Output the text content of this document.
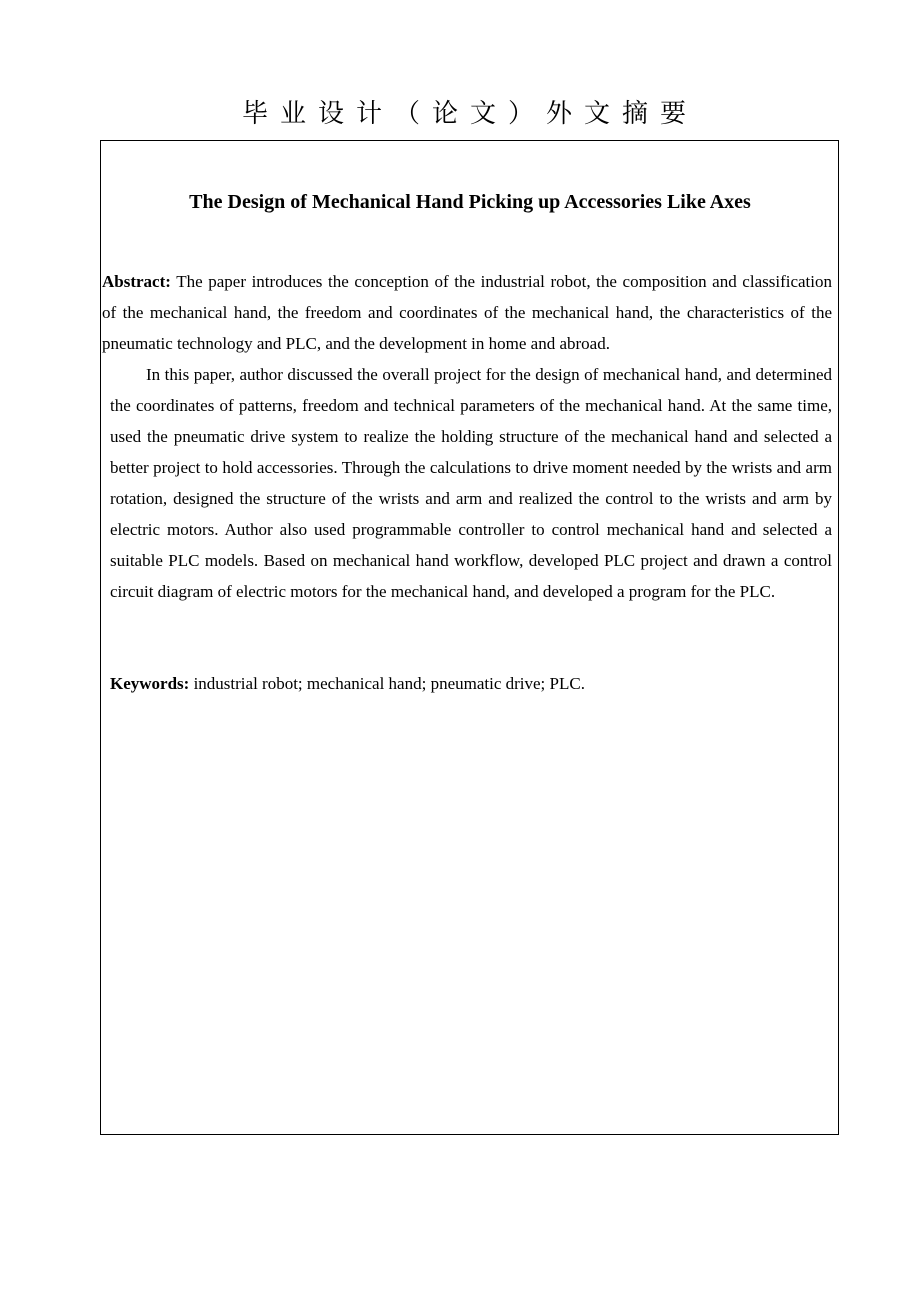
毕业设计（论文）外文摘要
The Design of Mechanical Hand Picking up Accessories Like Axes

Abstract: The paper introduces the conception of the industrial robot, the composition and classification of the mechanical hand, the freedom and coordinates of the mechanical hand, the characteristics of the pneumatic technology and PLC, and the development in home and abroad.

In this paper, author discussed the overall project for the design of mechanical hand, and determined the coordinates of patterns, freedom and technical parameters of the mechanical hand. At the same time, used the pneumatic drive system to realize the holding structure of the mechanical hand and selected a better project to hold accessories. Through the calculations to drive moment needed by the wrists and arm rotation, designed the structure of the wrists and arm and realized the control to the wrists and arm by electric motors. Author also used programmable controller to control mechanical hand and selected a suitable PLC models. Based on mechanical hand workflow, developed PLC project and drawn a control circuit diagram of electric motors for the mechanical hand, and developed a program for the PLC.

Keywords: industrial robot; mechanical hand; pneumatic drive; PLC.
